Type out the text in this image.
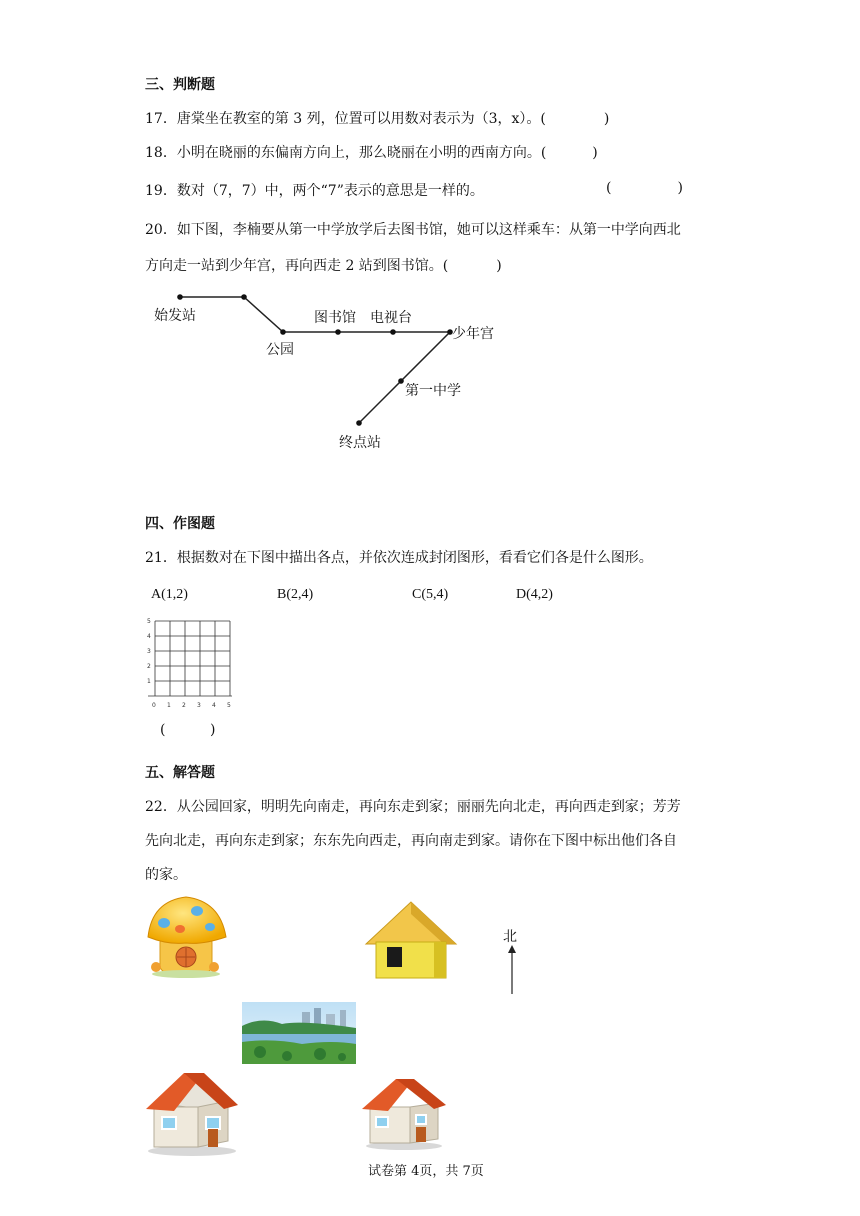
三、判断题
17．唐棠坐在教室的第 3 列，位置可以用数对表示为（3，x）。(	)
18．小明在晓丽的东偏南方向上，那么晓丽在小明的西南方向。(	)
19．数对（7，7）中，两个“7”表示的意思是一样的。	(	)
20．如下图，李楠要从第一中学放学后去图书馆，她可以这样乘车：从第一中学向西北
方向走一站到少年宫，再向西走 2 站到图书馆。(	)
始发站
公园
图书馆 电视台
少年宫
第一中学
终点站
四、作图题
21．根据数对在下图中描出各点，并依次连成封闭图形，看看它们各是什么图形。
A(1,2)	B(2,4)	C(5,4)	D(4,2)
0 1 2 3 4 5
1
2
3
4
5
(          )
五、解答题
22．从公园回家，明明先向南走，再向东走到家；丽丽先向北走，再向西走到家；芳芳
先向北走，再向东走到家；东东先向西走，再向南走到家。请你在下图中标出他们各自
的家。
北
试卷第 4页，共 7页
